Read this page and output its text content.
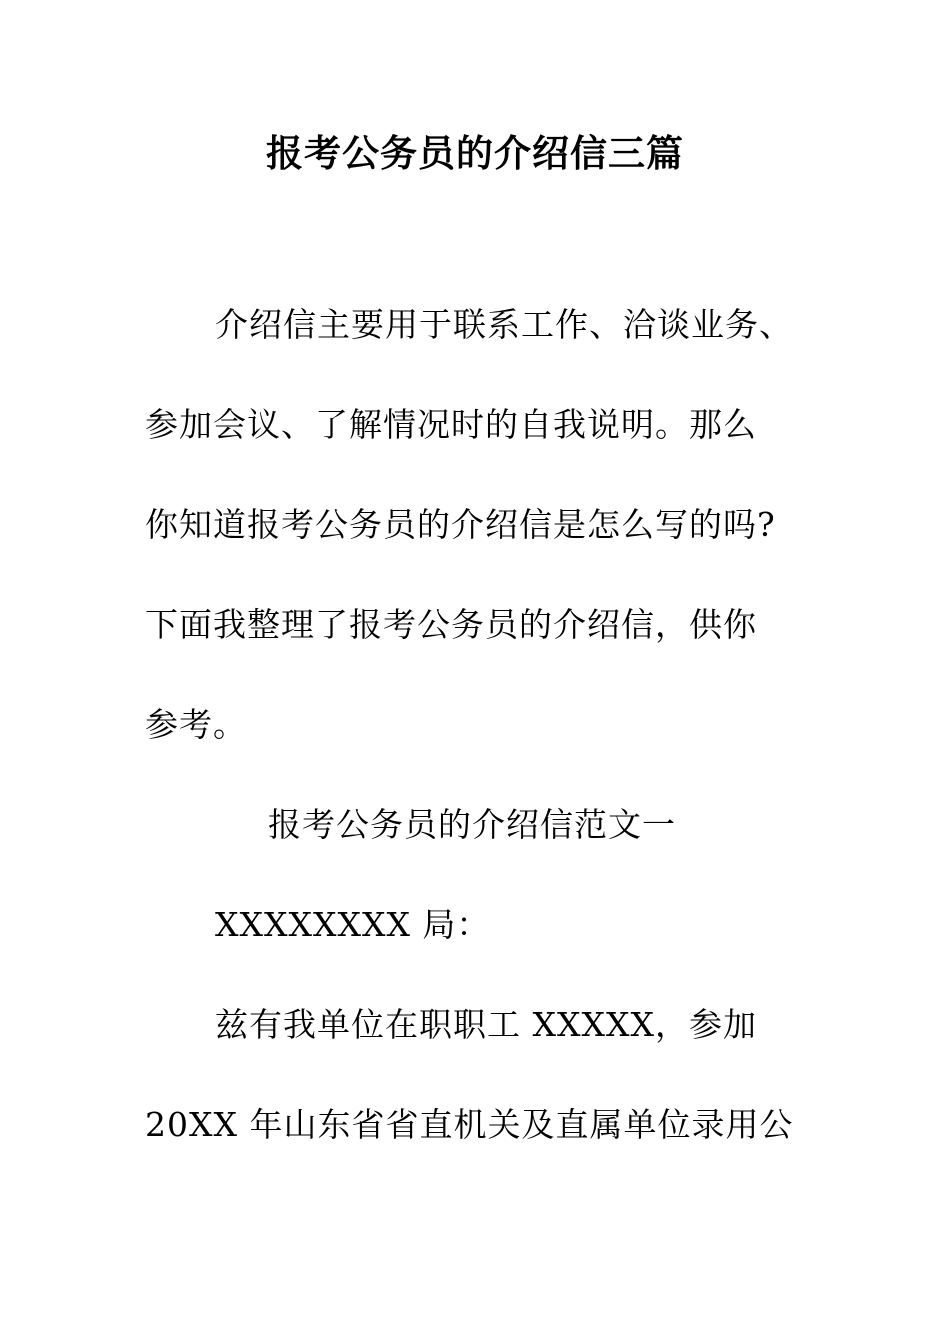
报考公务员的介绍信三篇
介绍信主要用于联系工作、洽谈业务、
参加会议、了解情况时的自我说明。那么
你知道报考公务员的介绍信是怎么写的吗?
下面我整理了报考公务员的介绍信，供你
参考。
报考公务员的介绍信范文一
XXXXXXXX 局：
兹有我单位在职职工 XXXXX，参加
20XX 年山东省省直机关及直属单位录用公
